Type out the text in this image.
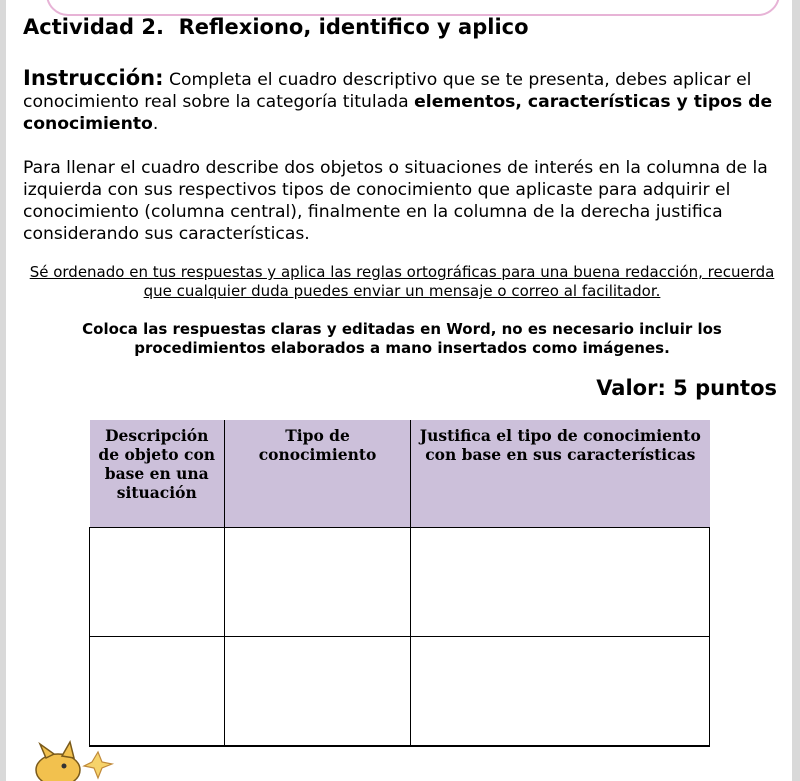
Actividad 2.  Reflexiono, identifico y aplico
Instrucción: Completa el cuadro descriptivo que se te presenta, debes aplicar el conocimiento real sobre la categoría titulada elementos, características y tipos de conocimiento.
Para llenar el cuadro describe dos objetos o situaciones de interés en la columna de la izquierda con sus respectivos tipos de conocimiento que aplicaste para adquirir el conocimiento (columna central), finalmente en la columna de la derecha justifica considerando sus características.
Sé ordenado en tus respuestas y aplica las reglas ortográficas para una buena redacción, recuerda que cualquier duda puedes enviar un mensaje o correo al facilitador.
Coloca las respuestas claras y editadas en Word, no es necesario incluir los procedimientos elaborados a mano insertados como imágenes.
Valor: 5 puntos
Descripción de objeto con base en una situación	Tipo de conocimiento	Justifica el tipo de conocimiento con base en sus características
